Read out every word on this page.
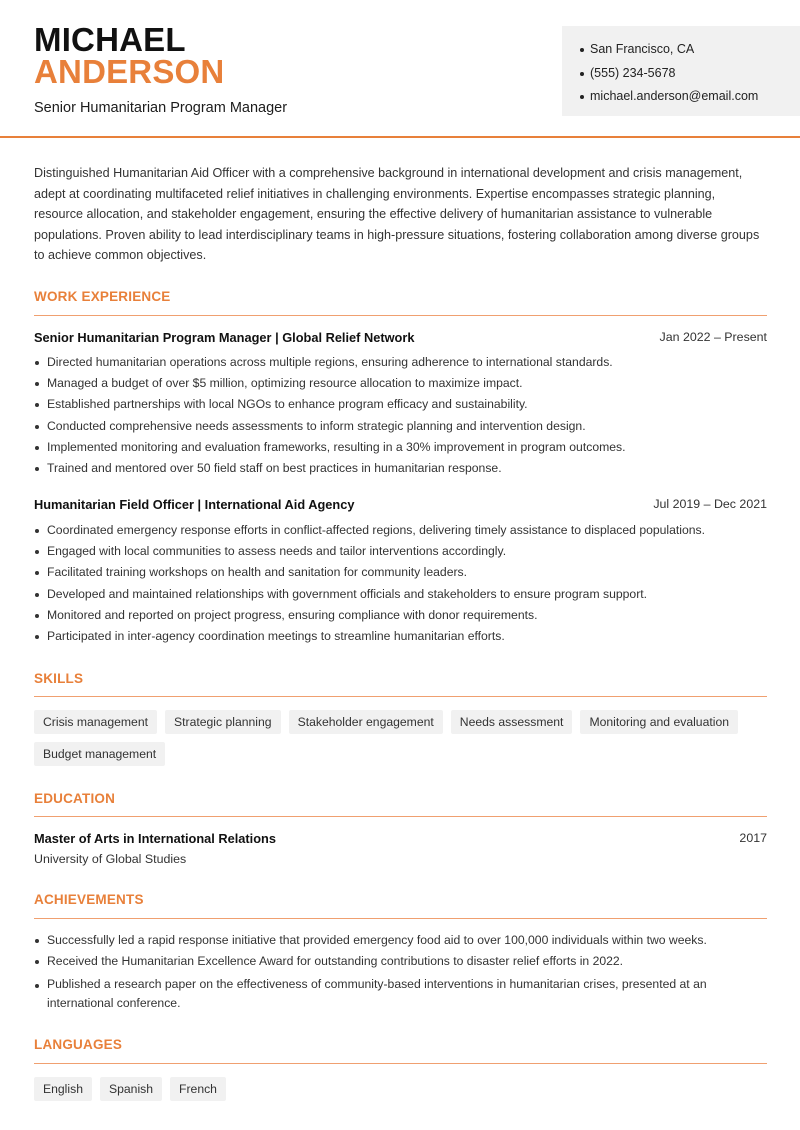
MICHAEL
ANDERSON
Senior Humanitarian Program Manager
San Francisco, CA
(555) 234-5678
michael.anderson@email.com

Distinguished Humanitarian Aid Officer with a comprehensive background in international development and crisis management, adept at coordinating multifaceted relief initiatives in challenging environments. Expertise encompasses strategic planning, resource allocation, and stakeholder engagement, ensuring the effective delivery of humanitarian assistance to vulnerable populations. Proven ability to lead interdisciplinary teams in high-pressure situations, fostering collaboration among diverse groups to achieve common objectives.

WORK EXPERIENCE
Senior Humanitarian Program Manager | Global Relief Network	Jan 2022 – Present
Directed humanitarian operations across multiple regions, ensuring adherence to international standards.
Managed a budget of over $5 million, optimizing resource allocation to maximize impact.
Established partnerships with local NGOs to enhance program efficacy and sustainability.
Conducted comprehensive needs assessments to inform strategic planning and intervention design.
Implemented monitoring and evaluation frameworks, resulting in a 30% improvement in program outcomes.
Trained and mentored over 50 field staff on best practices in humanitarian response.
Humanitarian Field Officer | International Aid Agency	Jul 2019 – Dec 2021
Coordinated emergency response efforts in conflict-affected regions, delivering timely assistance to displaced populations.
Engaged with local communities to assess needs and tailor interventions accordingly.
Facilitated training workshops on health and sanitation for community leaders.
Developed and maintained relationships with government officials and stakeholders to ensure program support.
Monitored and reported on project progress, ensuring compliance with donor requirements.
Participated in inter-agency coordination meetings to streamline humanitarian efforts.
SKILLS
Crisis management	Strategic planning	Stakeholder engagement	Needs assessment	Monitoring and evaluation
Budget management
EDUCATION
Master of Arts in International Relations	2017
University of Global Studies
ACHIEVEMENTS
Successfully led a rapid response initiative that provided emergency food aid to over 100,000 individuals within two weeks.
Received the Humanitarian Excellence Award for outstanding contributions to disaster relief efforts in 2022.
Published a research paper on the effectiveness of community-based interventions in humanitarian crises, presented at an international conference.
LANGUAGES
English	Spanish	French
